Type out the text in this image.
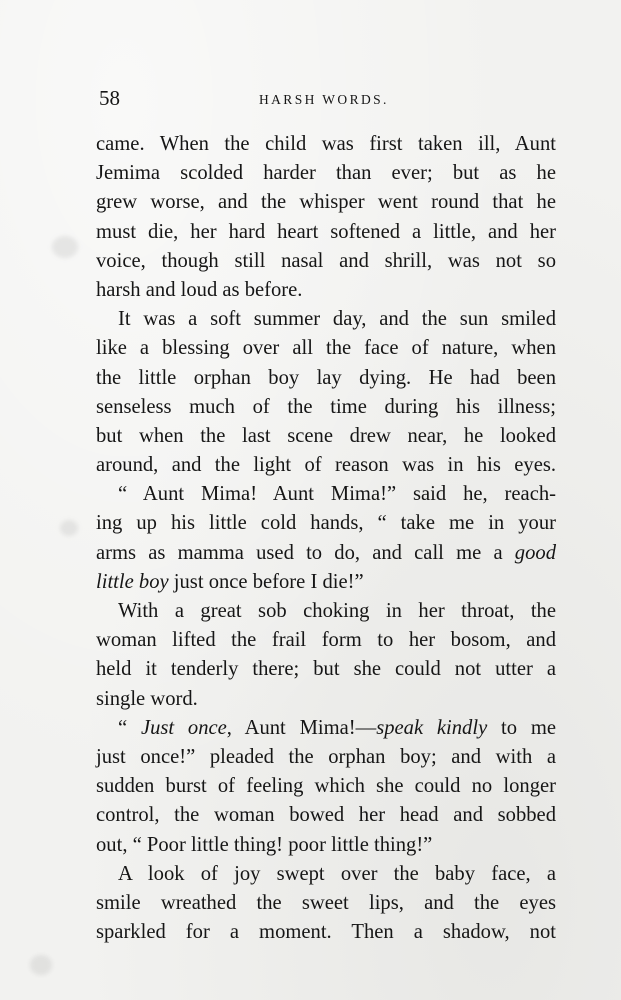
58	HARSH WORDS.
came. When the child was first taken ill, Aunt
Jemima scolded harder than ever; but as he
grew worse, and the whisper went round that he
must die, her hard heart softened a little, and her
voice, though still nasal and shrill, was not so
harsh and loud as before.
It was a soft summer day, and the sun smiled
like a blessing over all the face of nature, when
the little orphan boy lay dying. He had been
senseless much of the time during his illness;
but when the last scene drew near, he looked
around, and the light of reason was in his eyes.
“ Aunt Mima! Aunt Mima!” said he, reach-
ing up his little cold hands, “ take me in your
arms as mamma used to do, and call me a good
little boy just once before I die!”
With a great sob choking in her throat, the
woman lifted the frail form to her bosom, and
held it tenderly there; but she could not utter a
single word.
“ Just once, Aunt Mima!—speak kindly to me
just once!” pleaded the orphan boy; and with a
sudden burst of feeling which she could no longer
control, the woman bowed her head and sobbed
out, “ Poor little thing! poor little thing!”
A look of joy swept over the baby face, a
smile wreathed the sweet lips, and the eyes
sparkled for a moment. Then a shadow, not
